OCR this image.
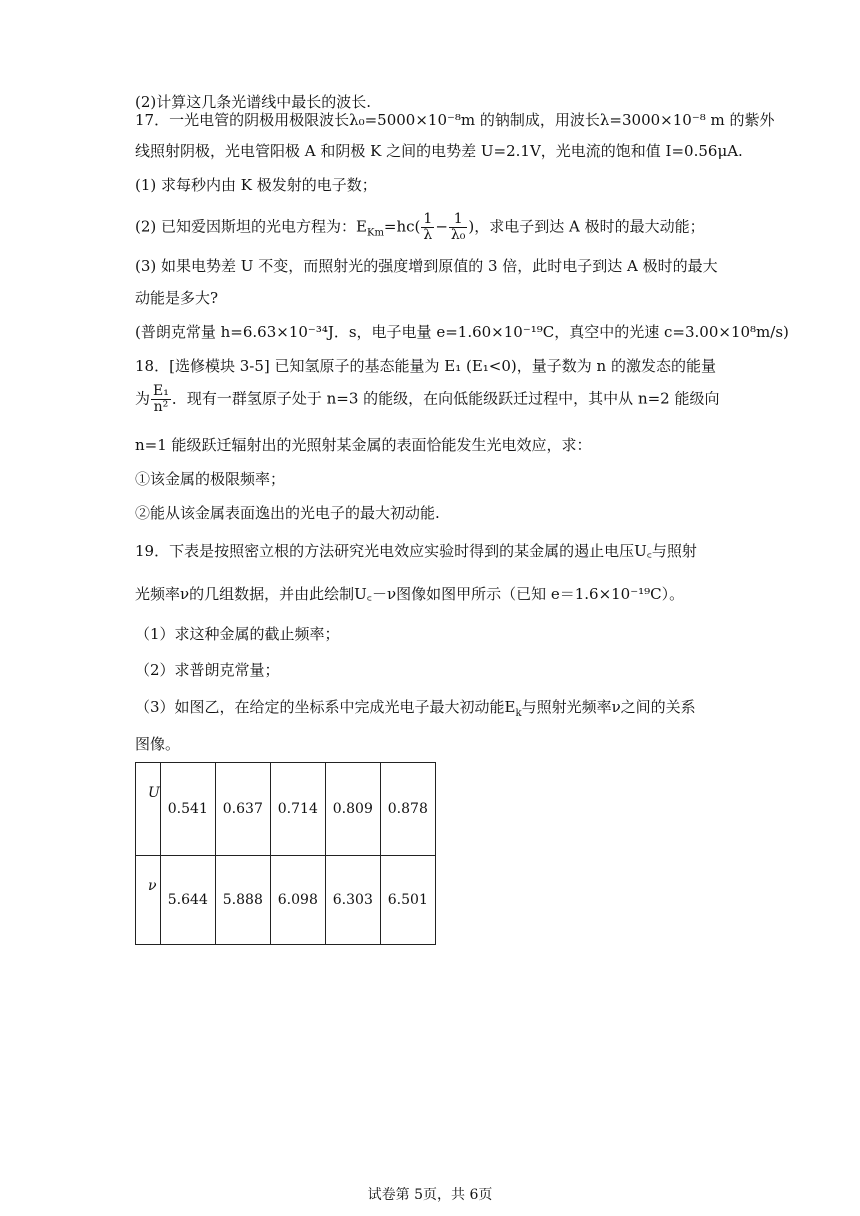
(2)计算这几条光谱线中最长的波长.
17．一光电管的阴极用极限波长λ₀=5000×10⁻⁸m 的钠制成，用波长λ=3000×10⁻⁸ m 的紫外
线照射阴极，光电管阳极 A 和阴极 K 之间的电势差 U=2.1V，光电流的饱和值 I=0.56μA.
(1) 求每秒内由 K 极发射的电子数；
(2) 已知爱因斯坦的光电方程为：$E_{Km}=hc( \frac{1}{\lambda} - \frac{1}{\text{λ₀}}$ )，求电子到达 A 极时的最大动能；
(3) 如果电势差 U 不变，而照射光的强度增到原值的 3 倍，此时电子到达 A 极时的最大
动能是多大?
(普朗克常量 h=6.63×10⁻³⁴J．s，电子电量 e=1.60×10⁻¹⁹C，真空中的光速 c=3.00×10⁸m/s)
18．[选修模块 3-5] 已知氢原子的基态能量为 E₁ (E₁<0)，量子数为 n 的激发态的能量
为 $\frac{\text{E₁}}{\text{n²}}$ ．现有一群氢原子处于 n=3 的能级，在向低能级跃迁过程中，其中从 n=2 能级向
n=1 能级跃迁辐射出的光照射某金属的表面恰能发生光电效应，求：
①该金属的极限频率；
②能从该金属表面逸出的光电子的最大初动能.
19．下表是按照密立根的方法研究光电效应实验时得到的某金属的遏止电压U꜀与照射
光频率ν的几组数据，并由此绘制U꜀－ν图像如图甲所示（已知 e＝1.6×10⁻¹⁹C）。
（1）求这种金属的截止频率；
（2）求普朗克常量；
（3）如图乙，在给定的坐标系中完成光电子最大初动能$E_k$与照射光频率ν之间的关系
图像。
U	0.541	0.637	0.714	0.809	0.878
ν	5.644	5.888	6.098	6.303	6.501
试卷第 5页，共 6页
